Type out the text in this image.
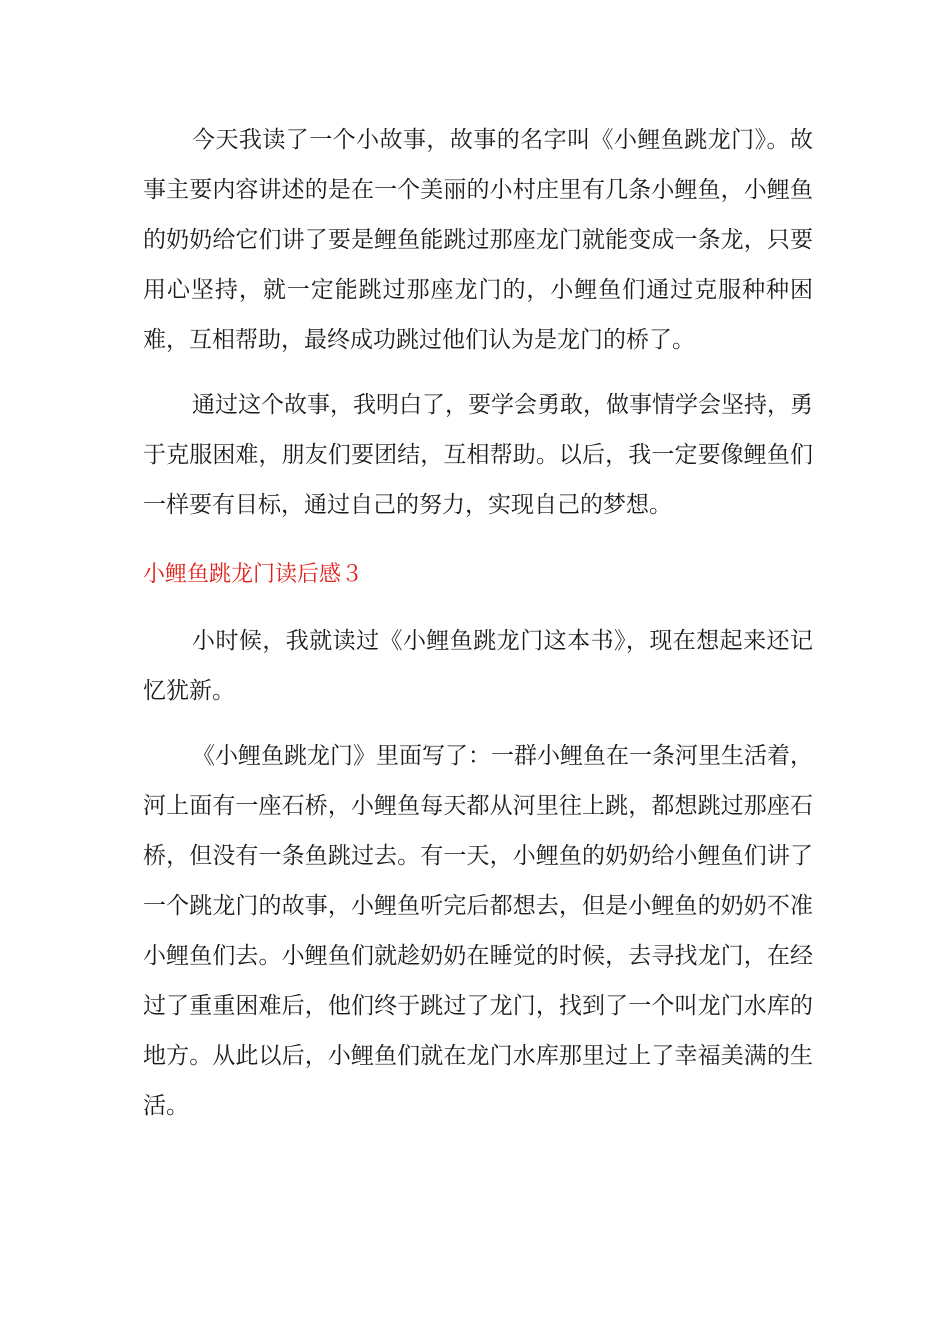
今天我读了一个小故事，故事的名字叫《小鲤鱼跳龙门》。故事主要内容讲述的是在一个美丽的小村庄里有几条小鲤鱼，小鲤鱼的奶奶给它们讲了要是鲤鱼能跳过那座龙门就能变成一条龙，只要用心坚持，就一定能跳过那座龙门的，小鲤鱼们通过克服种种困难，互相帮助，最终成功跳过他们认为是龙门的桥了。

通过这个故事，我明白了，要学会勇敢，做事情学会坚持，勇于克服困难，朋友们要团结，互相帮助。以后，我一定要像鲤鱼们一样要有目标，通过自己的努力，实现自己的梦想。

小鲤鱼跳龙门读后感３

小时候，我就读过《小鲤鱼跳龙门这本书》，现在想起来还记忆犹新。

《小鲤鱼跳龙门》里面写了：一群小鲤鱼在一条河里生活着，河上面有一座石桥，小鲤鱼每天都从河里往上跳，都想跳过那座石桥，但没有一条鱼跳过去。有一天，小鲤鱼的奶奶给小鲤鱼们讲了一个跳龙门的故事，小鲤鱼听完后都想去，但是小鲤鱼的奶奶不准小鲤鱼们去。小鲤鱼们就趁奶奶在睡觉的时候，去寻找龙门，在经过了重重困难后，他们终于跳过了龙门，找到了一个叫龙门水库的地方。从此以后，小鲤鱼们就在龙门水库那里过上了幸福美满的生活。
